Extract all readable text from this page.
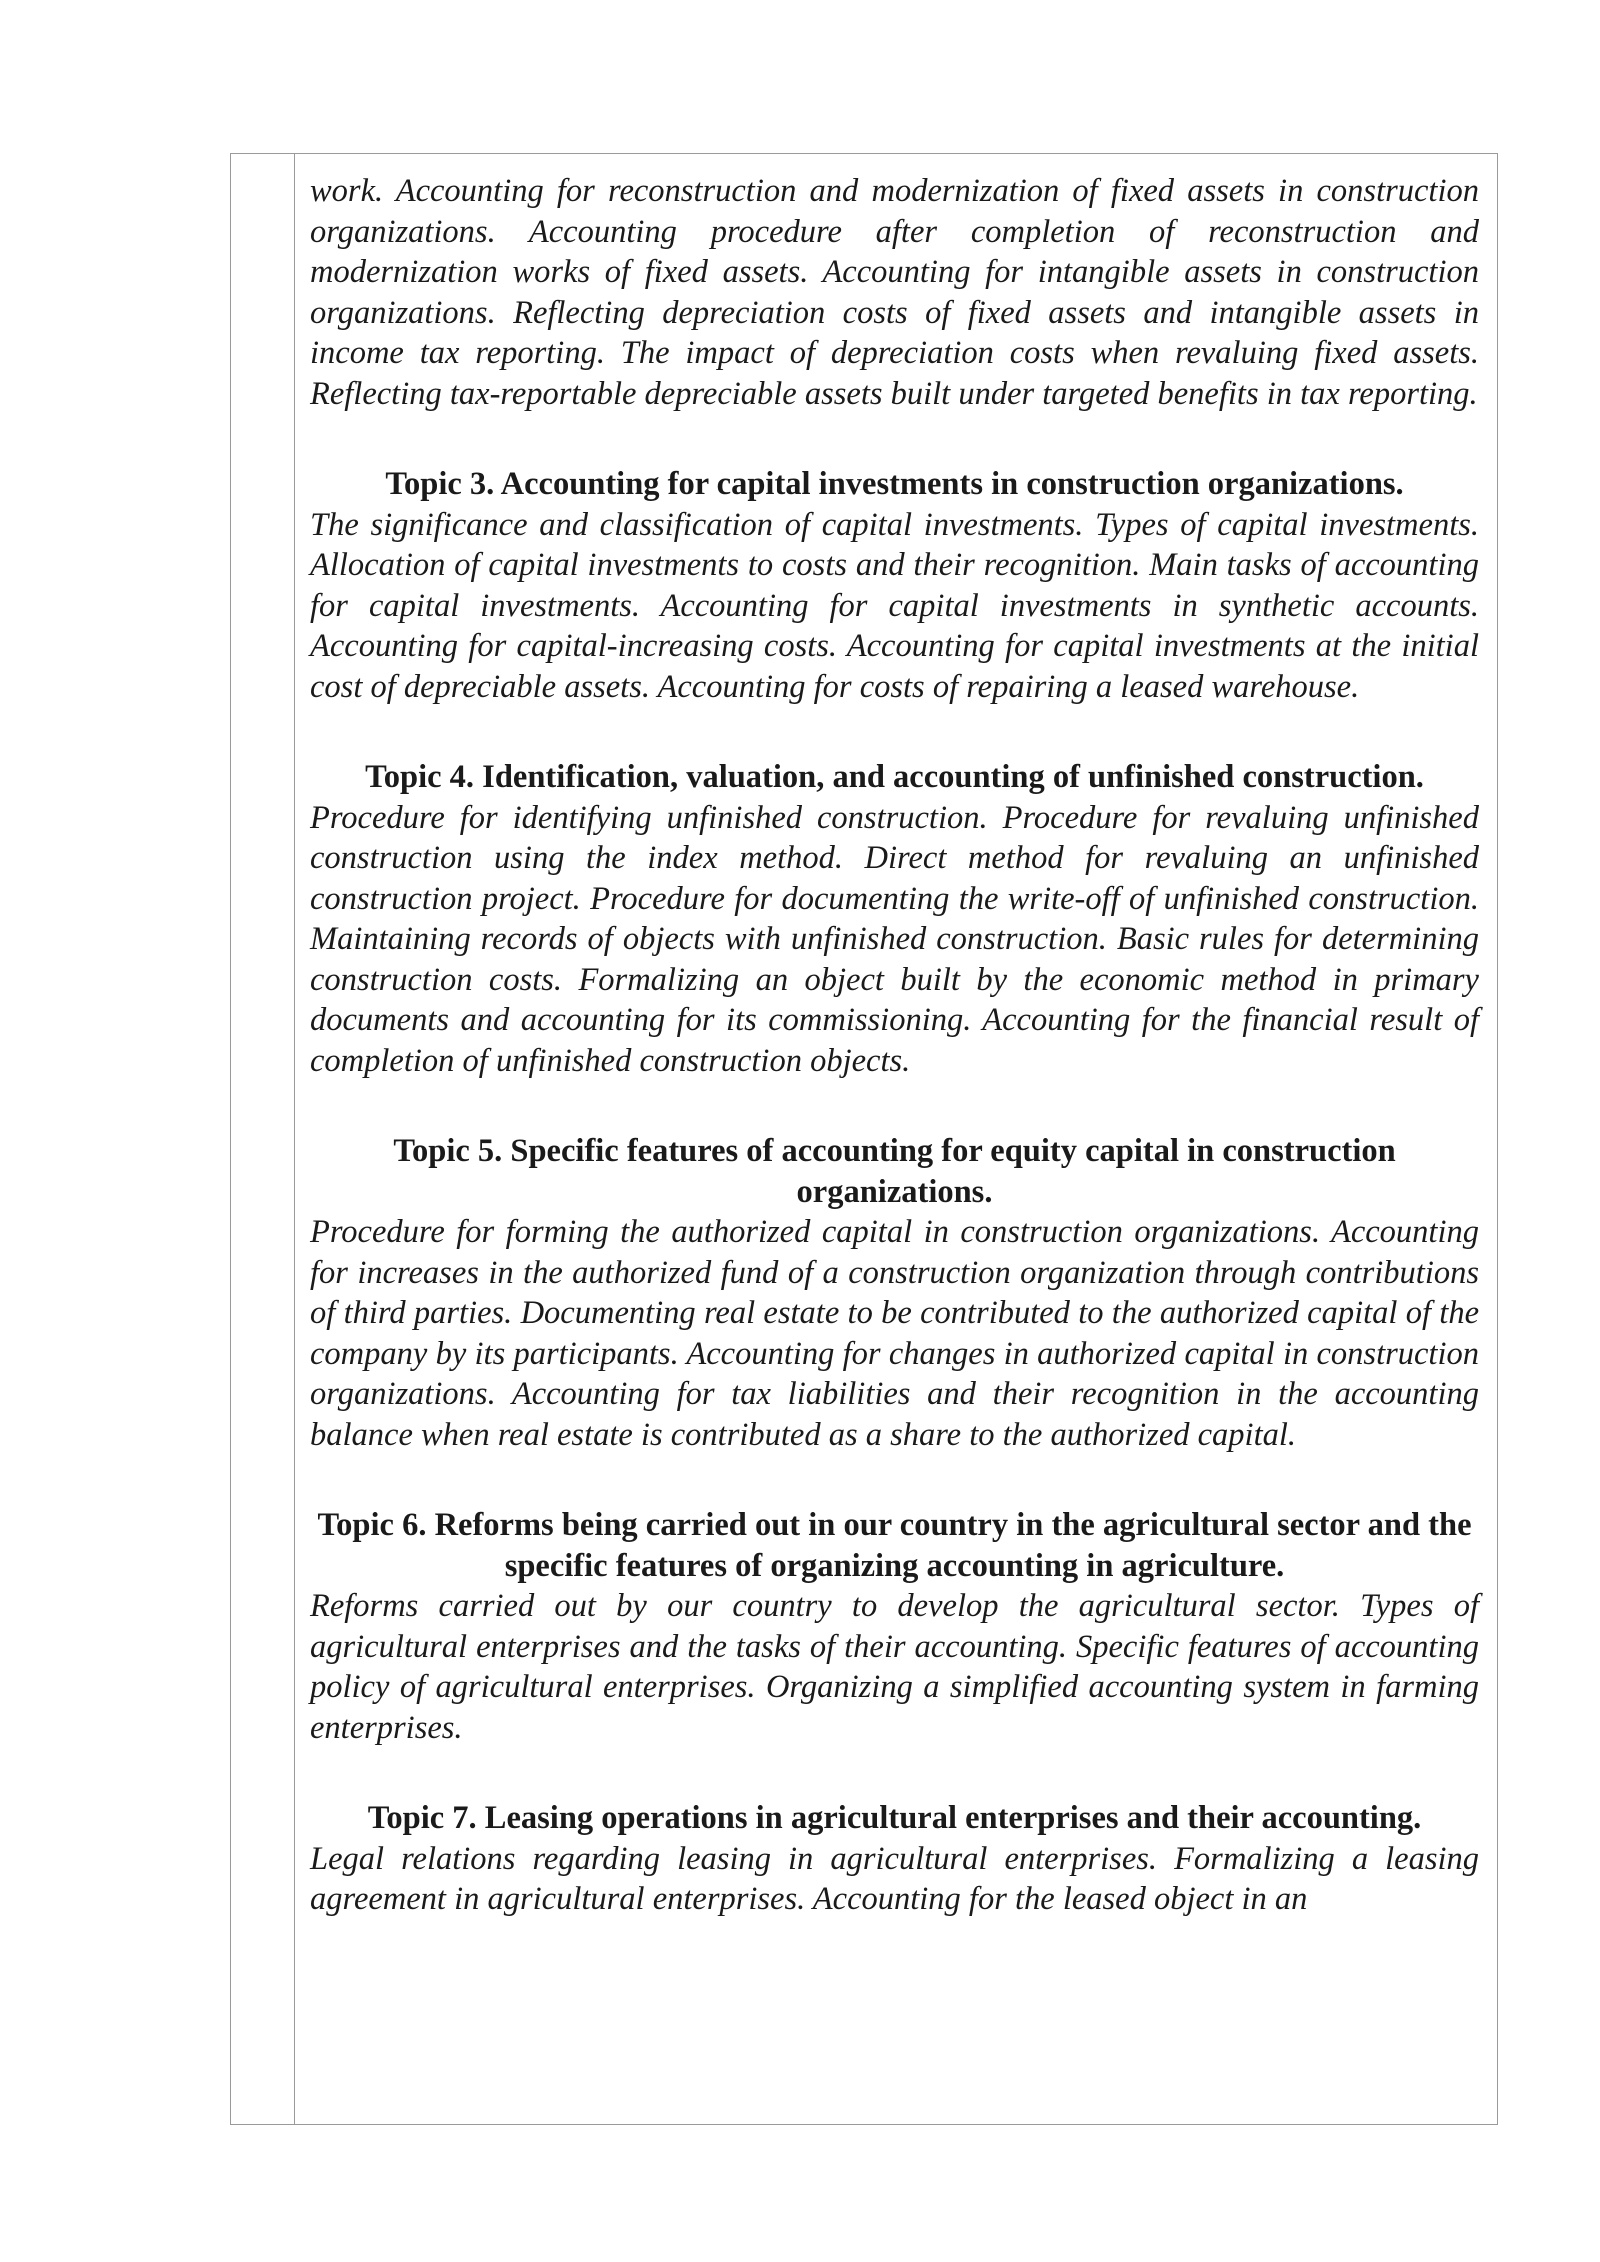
work. Accounting for reconstruction and modernization of fixed assets in construction organizations. Accounting procedure after completion of reconstruction and modernization works of fixed assets. Accounting for intangible assets in construction organizations. Reflecting depreciation costs of fixed assets and intangible assets in income tax reporting. The impact of depreciation costs when revaluing fixed assets. Reflecting tax-reportable depreciable assets built under targeted benefits in tax reporting.

Topic 3. Accounting for capital investments in construction organizations.

The significance and classification of capital investments. Types of capital investments. Allocation of capital investments to costs and their recognition. Main tasks of accounting for capital investments. Accounting for capital investments in synthetic accounts. Accounting for capital-increasing costs. Accounting for capital investments at the initial cost of depreciable assets. Accounting for costs of repairing a leased warehouse.

Topic 4. Identification, valuation, and accounting of unfinished construction.

Procedure for identifying unfinished construction. Procedure for revaluing unfinished construction using the index method. Direct method for revaluing an unfinished construction project. Procedure for documenting the write-off of unfinished construction. Maintaining records of objects with unfinished construction. Basic rules for determining construction costs. Formalizing an object built by the economic method in primary documents and accounting for its commissioning. Accounting for the financial result of completion of unfinished construction objects.

Topic 5. Specific features of accounting for equity capital in construction organizations.

Procedure for forming the authorized capital in construction organizations. Accounting for increases in the authorized fund of a construction organization through contributions of third parties. Documenting real estate to be contributed to the authorized capital of the company by its participants. Accounting for changes in authorized capital in construction organizations. Accounting for tax liabilities and their recognition in the accounting balance when real estate is contributed as a share to the authorized capital.

Topic 6. Reforms being carried out in our country in the agricultural sector and the specific features of organizing accounting in agriculture.

Reforms carried out by our country to develop the agricultural sector. Types of agricultural enterprises and the tasks of their accounting. Specific features of accounting policy of agricultural enterprises. Organizing a simplified accounting system in farming enterprises.

Topic 7. Leasing operations in agricultural enterprises and their accounting.

Legal relations regarding leasing in agricultural enterprises. Formalizing a leasing agreement in agricultural enterprises. Accounting for the leased object in an
